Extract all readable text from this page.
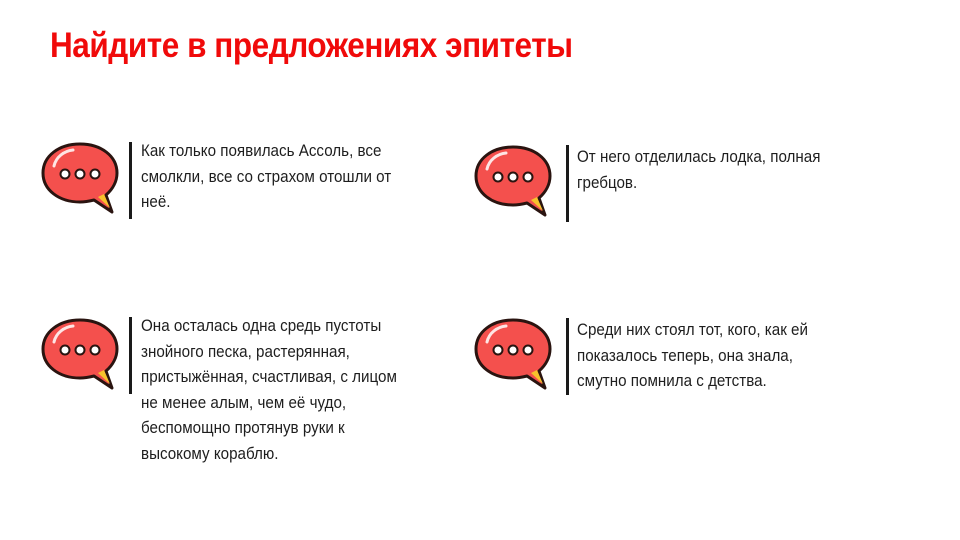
Найдите в предложениях эпитеты

Как только появилась Ассоль, все смолкли, все со страхом отошли от неё.

От него отделилась лодка, полная гребцов.

Она осталась одна средь пустоты знойного песка, растерянная, пристыжённая, счастливая, с лицом не менее алым, чем её чудо, беспомощно протянув руки к высокому кораблю.

Среди них стоял тот, кого, как ей показалось теперь, она знала, смутно помнила с детства.
